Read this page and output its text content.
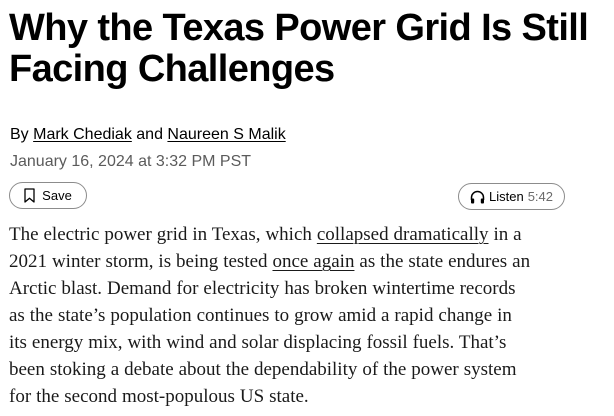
Why the Texas Power Grid Is Still
Facing Challenges
By Mark Chediak and Naureen S Malik
January 16, 2024 at 3:32 PM PST
Save	Listen 5:42
The electric power grid in Texas, which collapsed dramatically in a
2021 winter storm, is being tested once again as the state endures an
Arctic blast. Demand for electricity has broken wintertime records
as the state’s population continues to grow amid a rapid change in
its energy mix, with wind and solar displacing fossil fuels. That’s
been stoking a debate about the dependability of the power system
for the second most-populous US state.
